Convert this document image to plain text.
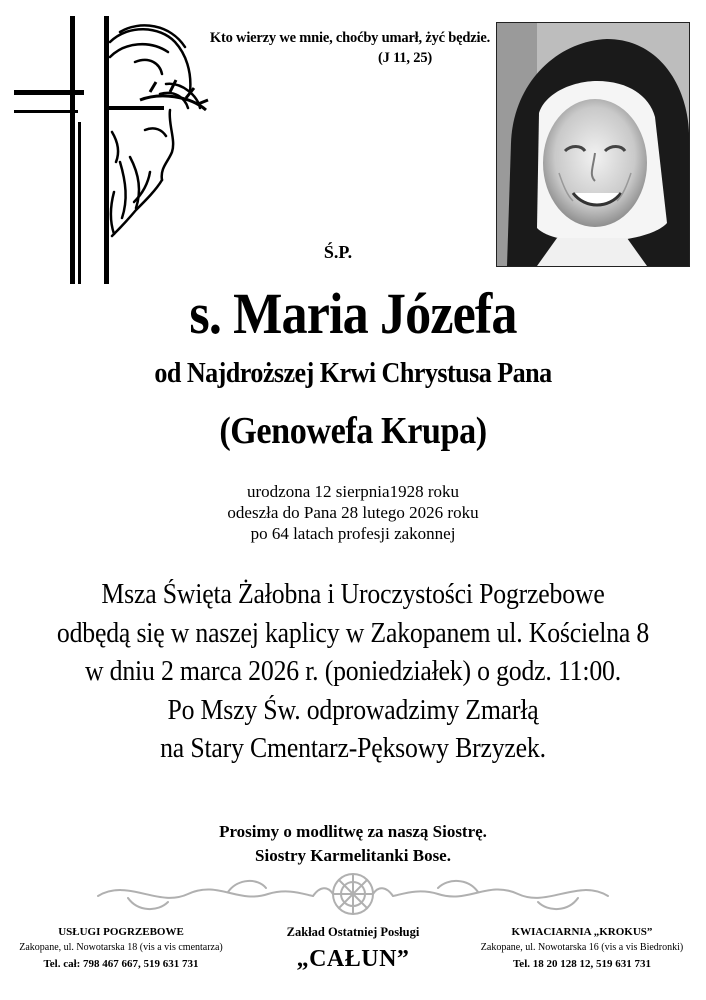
Kto wierzy we mnie, choćby umarł, żyć będzie.

(J 11, 25)
Ś.P.
s. Maria Józefa
od Najdroższej Krwi Chrystusa Pana
(Genowefa Krupa)
urodzona 12 sierpnia1928 roku
odeszła do Pana 28 lutego 2026 roku
po 64 latach profesji zakonnej
Msza Święta Żałobna i Uroczystości Pogrzebowe
odbędą się w naszej kaplicy w Zakopanem ul. Kościelna 8
w dniu 2 marca 2026 r. (poniedziałek) o godz. 11:00.
Po Mszy Św. odprowadzimy Zmarłą
na Stary Cmentarz-Pęksowy Brzyzek.
Prosimy o modlitwę za naszą Siostrę.
Siostry Karmelitanki Bose.
USŁUGI POGRZEBOWE
Zakopane, ul. Nowotarska 18 (vis a vis cmentarza)
Tel. cał: 798 467 667, 519 631 731
Zakład Ostatniej Posługi
„CAŁUN”
KWIACIARNIA „KROKUS”
Zakopane, ul. Nowotarska 16 (vis a vis Biedronki)
Tel. 18 20 128 12, 519 631 731
